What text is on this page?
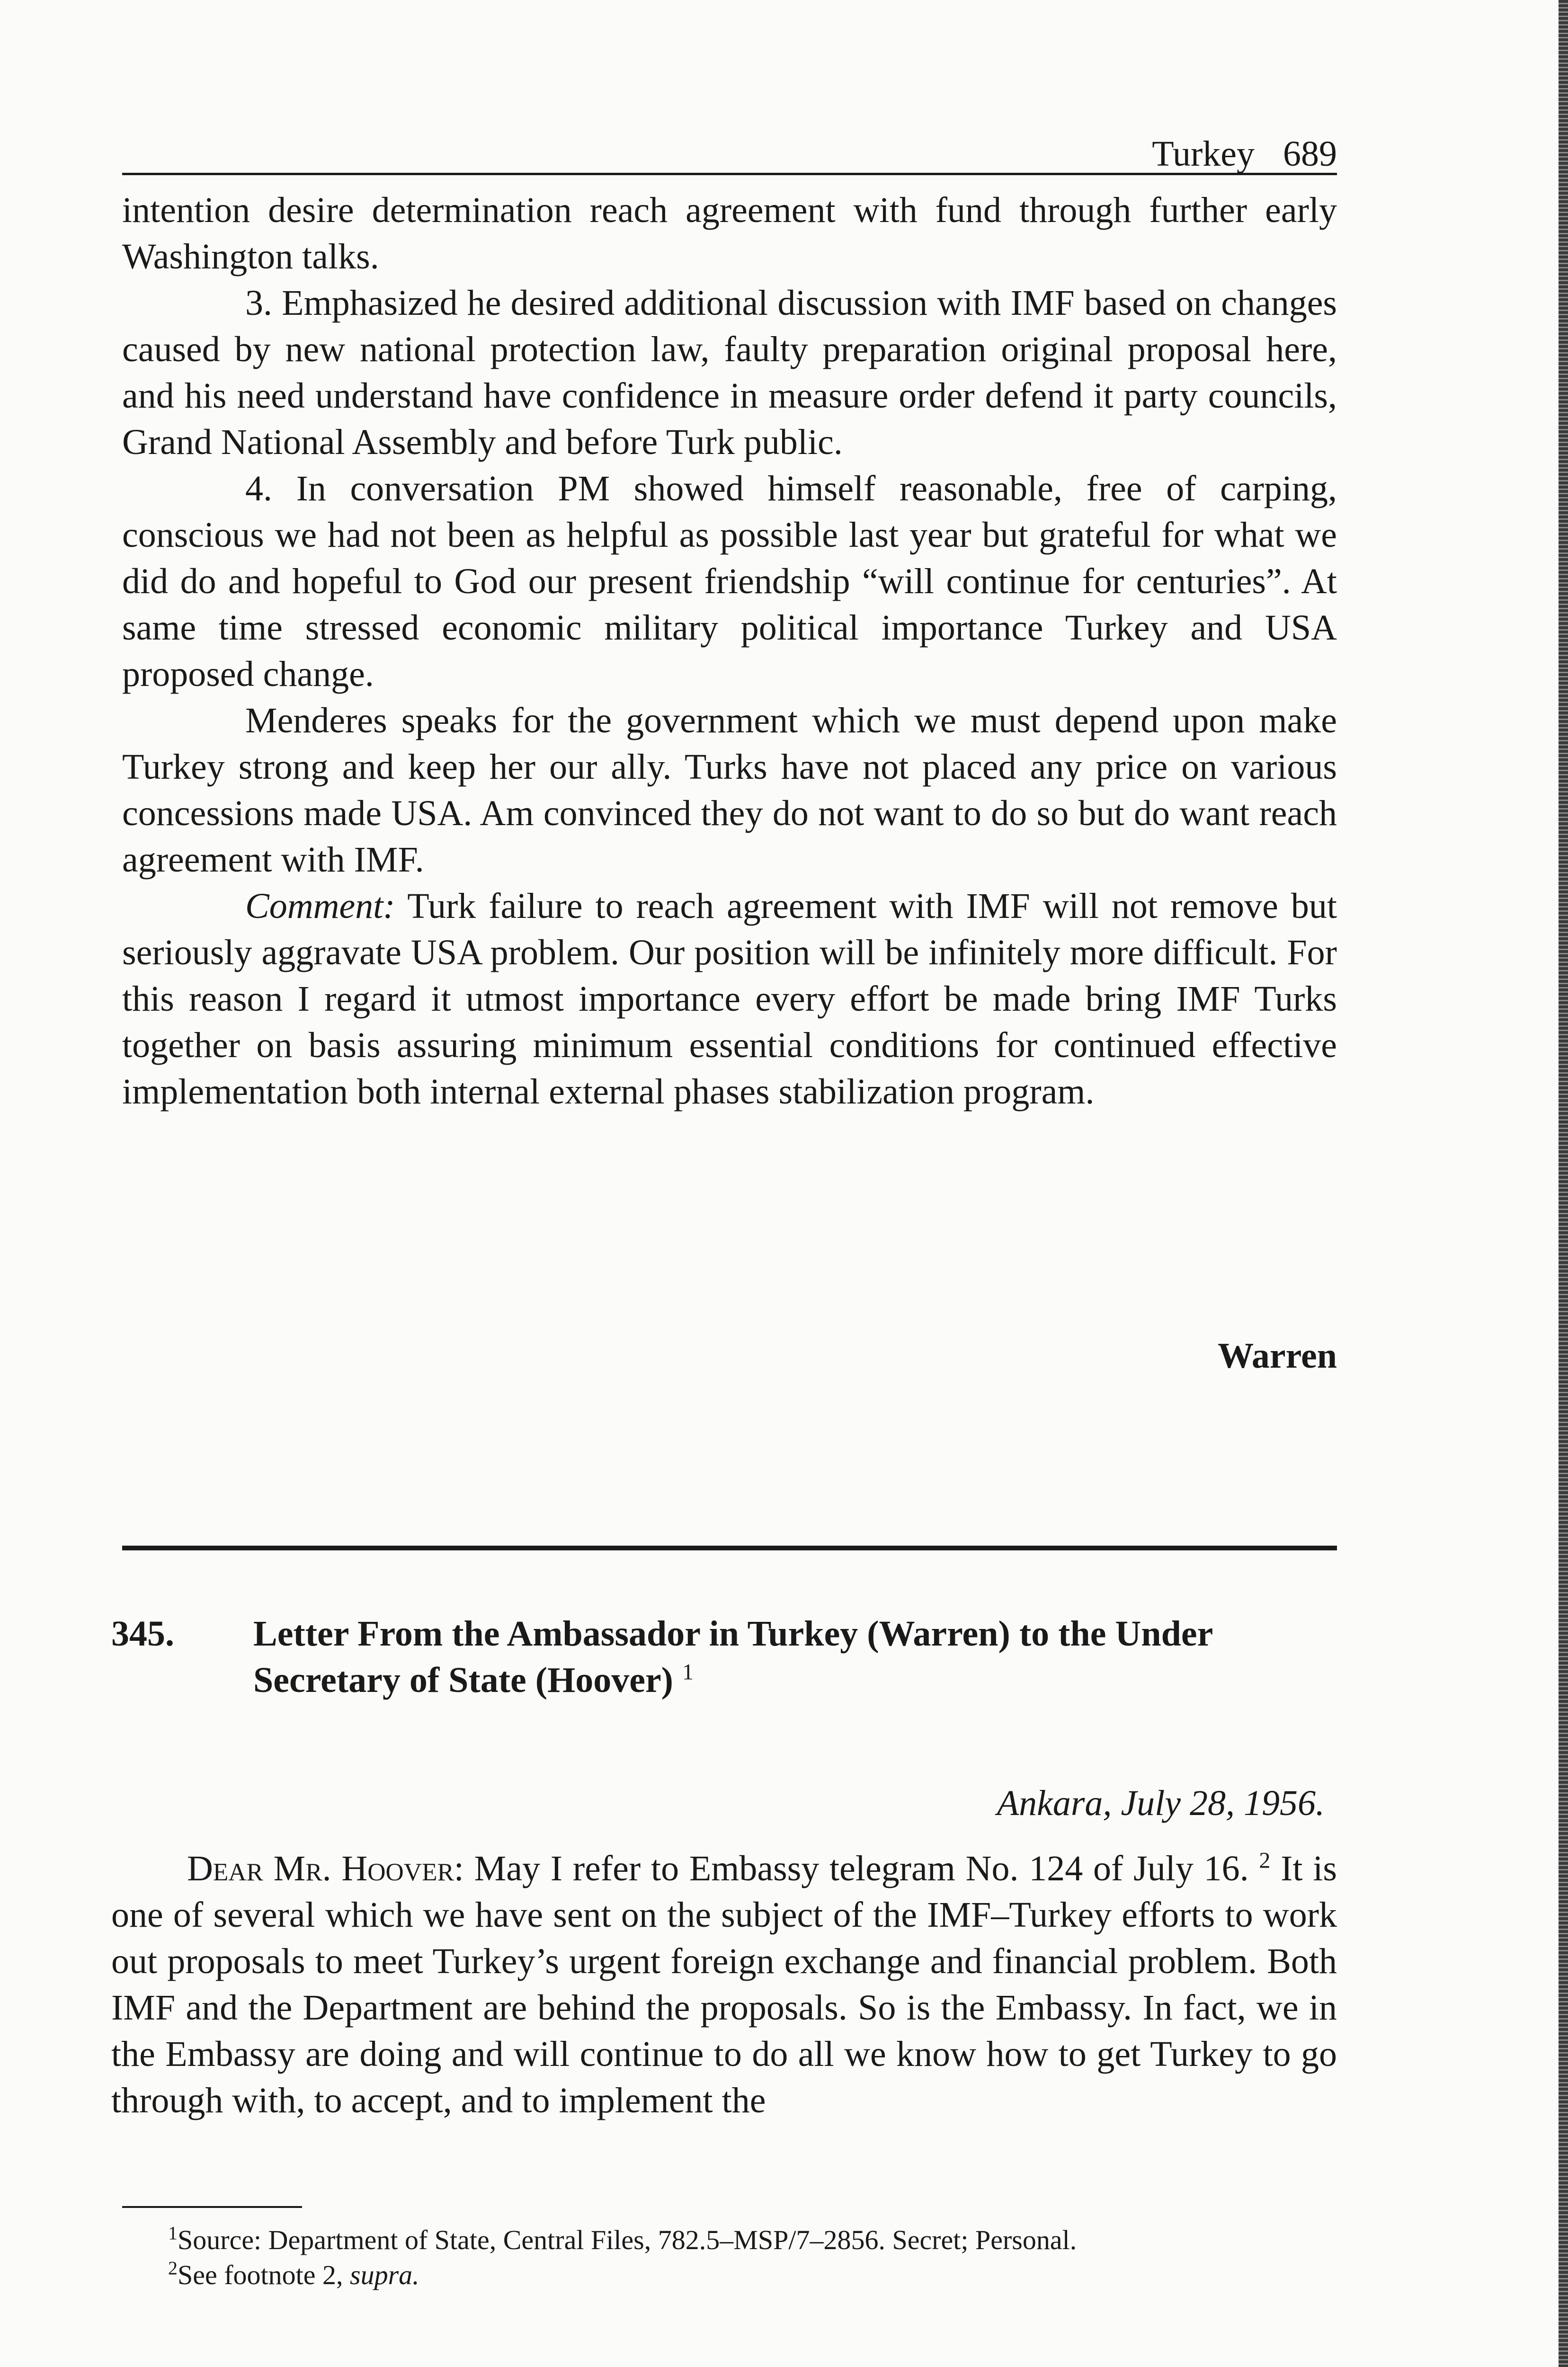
Turkey 689

intention desire determination reach agreement with fund through further early Washington talks.

3. Emphasized he desired additional discussion with IMF based on changes caused by new national protection law, faulty preparation original proposal here, and his need understand have confidence in measure order defend it party councils, Grand National Assembly and before Turk public.

4. In conversation PM showed himself reasonable, free of carping, conscious we had not been as helpful as possible last year but grateful for what we did do and hopeful to God our present friendship “will continue for centuries”. At same time stressed economic military political importance Turkey and USA proposed change.

Menderes speaks for the government which we must depend upon make Turkey strong and keep her our ally. Turks have not placed any price on various concessions made USA. Am convinced they do not want to do so but do want reach agreement with IMF.

Comment: Turk failure to reach agreement with IMF will not remove but seriously aggravate USA problem. Our position will be infinitely more difficult. For this reason I regard it utmost importance every effort be made bring IMF Turks together on basis assuring minimum essential conditions for continued effective implementation both internal external phases stabilization program.

Warren
345. Letter From the Ambassador in Turkey (Warren) to the Under Secretary of State (Hoover) $^1$
Ankara, July 28, 1956.

Dear Mr. Hoover: May I refer to Embassy telegram No. 124 of July 16. $^2$ It is one of several which we have sent on the subject of the IMF–Turkey efforts to work out proposals to meet Turkey’s urgent foreign exchange and financial problem. Both IMF and the Department are behind the proposals. So is the Embassy. In fact, we in the Embassy are doing and will continue to do all we know how to get Turkey to go through with, to accept, and to implement the

$^1$Source: Department of State, Central Files, 782.5–MSP/7–2856. Secret; Personal.

$^2$See footnote 2, supra.
